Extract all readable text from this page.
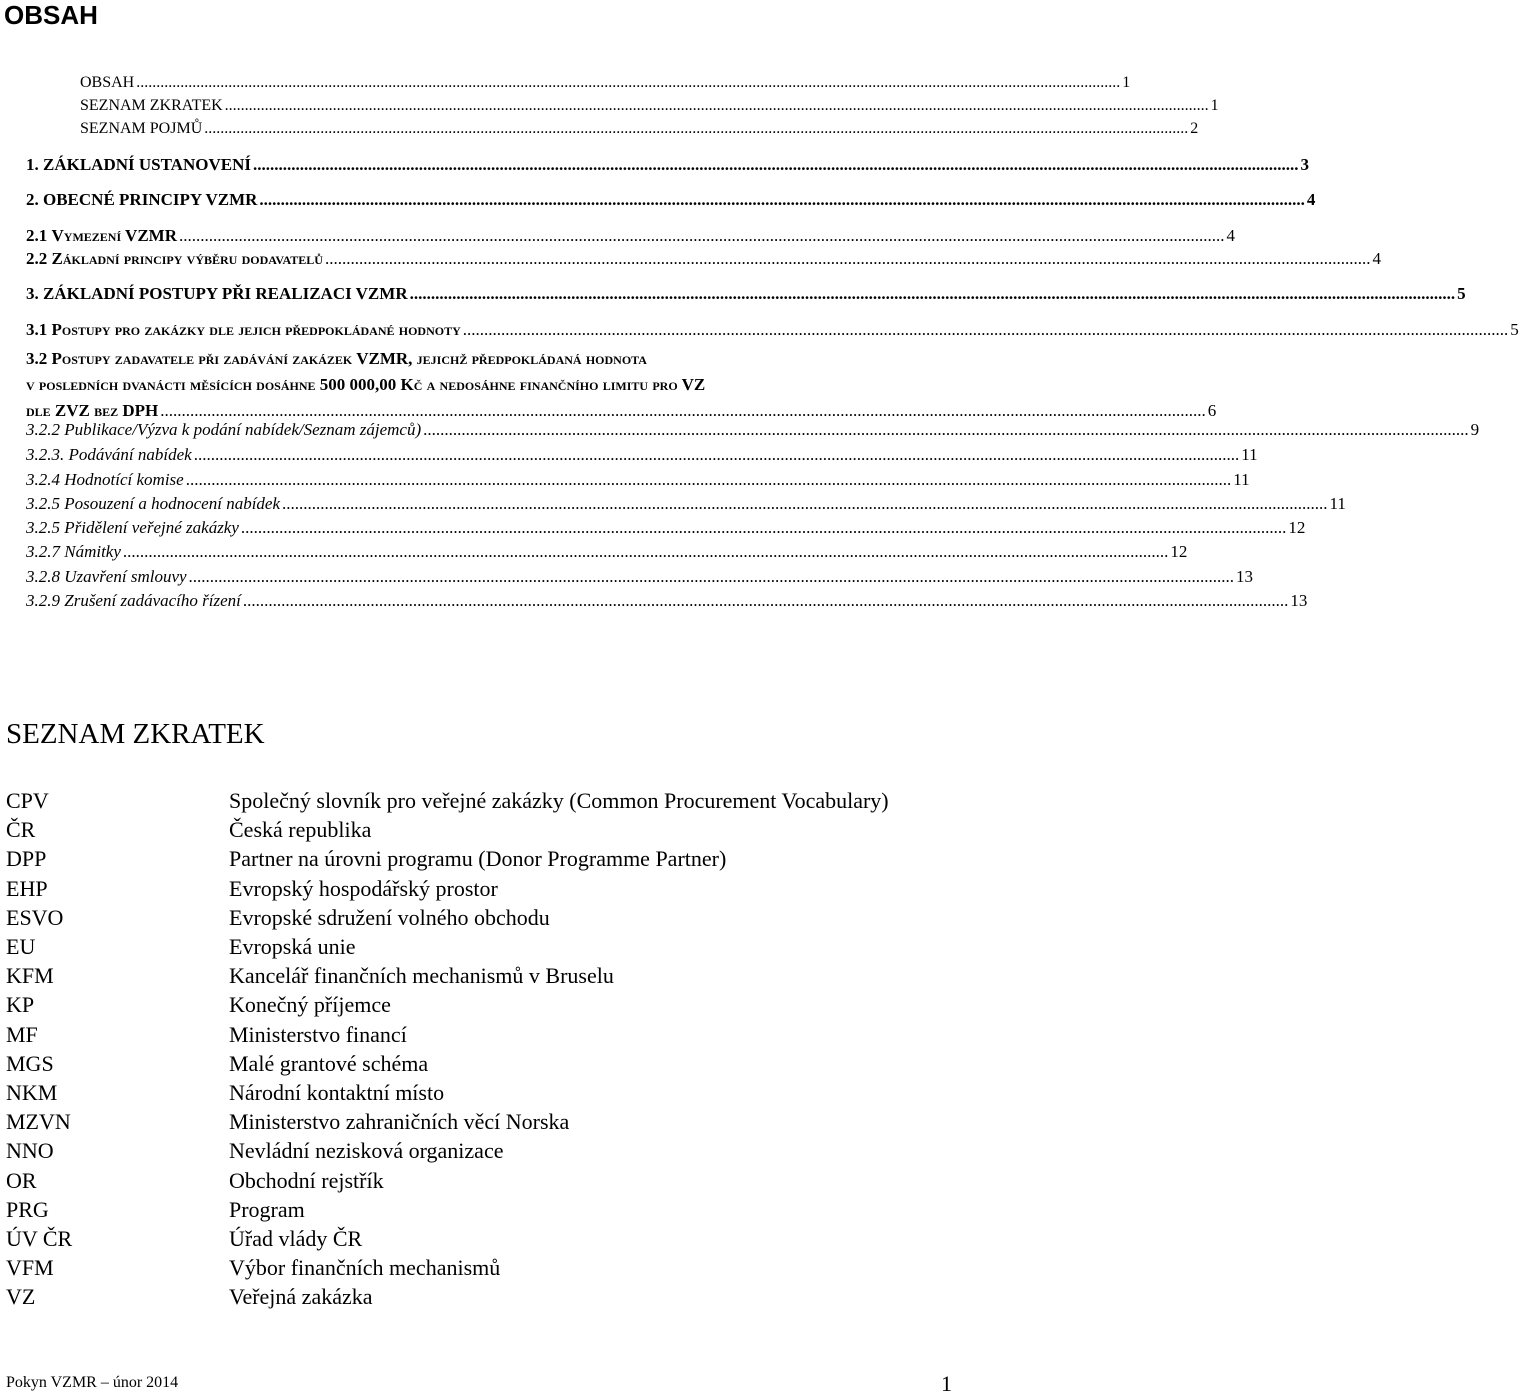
OBSAH
OBSAH ...................................................................................................................................................................................................................................................... 1
SEZNAM ZKRATEK ...................................................................................................................................................................................................................................................... 1
SEZNAM POJMŮ ...................................................................................................................................................................................................................................................... 2
1. ZÁKLADNÍ USTANOVENÍ ...................................................................................................................................................................................................................................................... 3
2. OBECNÉ PRINCIPY VZMR ...................................................................................................................................................................................................................................................... 4
2.1 Vymezení VZMR ...................................................................................................................................................................................................................................................... 4
2.2 Základní principy výběru dodavatelů ...................................................................................................................................................................................................................................................... 4
3. ZÁKLADNÍ POSTUPY PŘI REALIZACI VZMR ...................................................................................................................................................................................................................................................... 5
3.1 Postupy pro zakázky dle jejich předpokládané hodnoty ...................................................................................................................................................................................................................................................... 5
3.2 Postupy zadavatele při zadávání zakázek VZMR, jejichž předpokládaná hodnota
v posledních dvanácti měsících dosáhne 500 000,00 Kč a nedosáhne finančního limitu pro VZ
dle ZVZ bez DPH ...................................................................................................................................................................................................................................................... 6
3.2.2 Publikace/Výzva k podání nabídek/Seznam zájemců) ...................................................................................................................................................................................................................................................... 9
3.2.3. Podávání nabídek ...................................................................................................................................................................................................................................................... 11
3.2.4 Hodnotící komise ...................................................................................................................................................................................................................................................... 11
3.2.5 Posouzení a hodnocení nabídek ...................................................................................................................................................................................................................................................... 11
3.2.5 Přidělení veřejné zakázky ...................................................................................................................................................................................................................................................... 12
3.2.7 Námitky ...................................................................................................................................................................................................................................................... 12
3.2.8 Uzavření smlouvy ...................................................................................................................................................................................................................................................... 13
3.2.9 Zrušení zadávacího řízení ...................................................................................................................................................................................................................................................... 13
SEZNAM ZKRATEK
CPV	Společný slovník pro veřejné zakázky (Common Procurement Vocabulary)
ČR	Česká republika
DPP	Partner na úrovni programu (Donor Programme Partner)
EHP	Evropský hospodářský prostor
ESVO	Evropské sdružení volného obchodu
EU	Evropská unie
KFM	Kancelář finančních mechanismů v Bruselu
KP	Konečný příjemce
MF	Ministerstvo financí
MGS	Malé grantové schéma
NKM	Národní kontaktní místo
MZVN	Ministerstvo zahraničních věcí Norska
NNO	Nevládní nezisková organizace
OR	Obchodní rejstřík
PRG	Program
ÚV ČR	Úřad vlády ČR
VFM	Výbor finančních mechanismů
VZ	Veřejná zakázka
Pokyn VZMR – únor 2014	1
